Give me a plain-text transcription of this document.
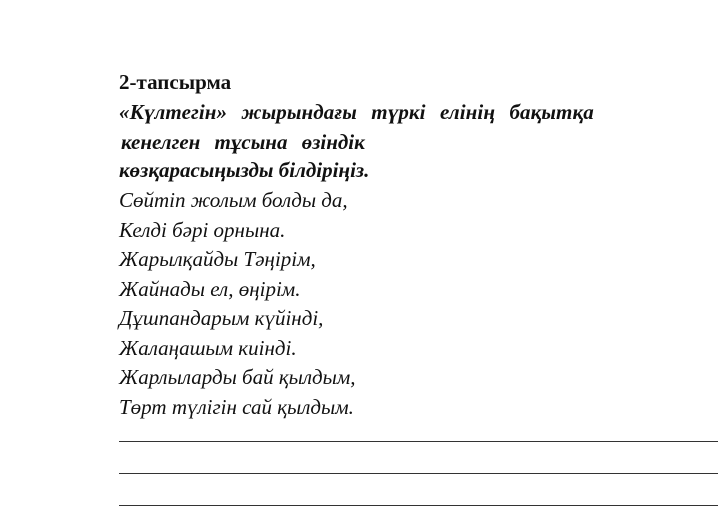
2-тапсырма
«Күлтегін» жырындағы түркі елінің бақытқа
кенелген тұсына өзіндік
көзқарасыңызды білдіріңіз.
Сөйтіп жолым болды да,
Келді бәрі орнына.
Жарылқайды Тәңірім,
Жайнады ел, өңірім.
Дұшпандарым күйінді,
Жалаңашым киінді.
Жарлыларды бай қылдым,
Төрт түлігін сай қылдым.
